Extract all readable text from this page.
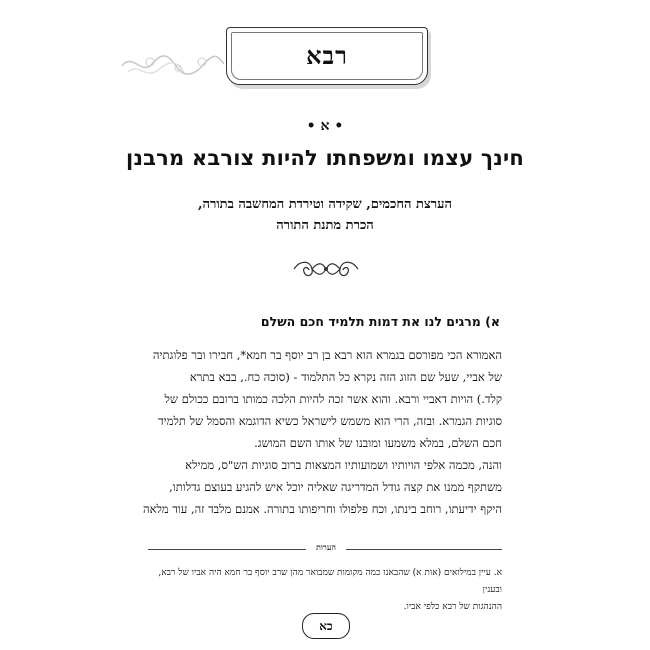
רבא
• א •
חינך עצמו ומשפחתו להיות צורבא מרבנן
הערצת החכמים, שקידה וטירדת המחשבה בתורה,
הכרת מתנת התורה
א) מרגים לנו את דמות תלמיד חכם השלם
האמורא הכי מפורסם בגמרא הוא רבא בן רב יוסף בר חמא*, חבירו ובר פלוגתיה
של אביי, שעל שם הזוג הזה נקרא כל התלמוד - (סוכה כח., בבא בתרא
קלד.) הויות דאביי ורבא. והוא אשר זכה להיות הלכה כמותו ברובם ככולם של
סוגיות הגמרא. ובזה, הרי הוא משמש לישראל כשיא הדוגמא והסמל של תלמיד
חכם השלם, במלא משמעו ומובנו של אותו השם המושג.
והנה, מכמה אלפי הויותיו ושמועותיו המצאות ברוב סוגיות הש"ס, ממילא
משתקף ממנו את קצה גודל המדריגה שאליה יוכל איש להגיע בעוצם גדלותו,
היקף ידיעתו, רוחב בינתו, וכח פלפולו וחריפותו בתורה. אמנם מלבד זה, עוד מלאה
הערות
א. עיין במילואים (אות א) שהבאנו כמה מקומות שמבואר מהן שרב יוסף בר חמא היה אביו של רבא, ובענין
ההנהגות של רבא כלפי אביו.
כא
